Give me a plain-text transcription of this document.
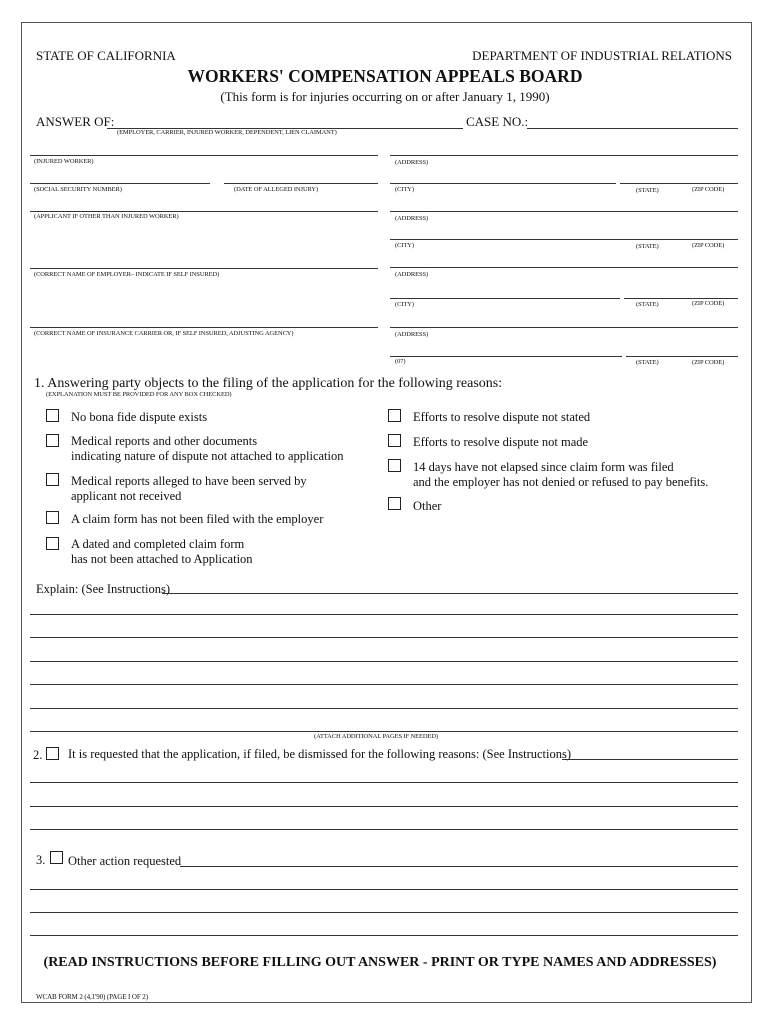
STATE OF CALIFORNIA	DEPARTMENT OF INDUSTRIAL RELATIONS
WORKERS' COMPENSATION APPEALS BOARD
(This form is for injuries occurring on or after January 1, 1990)
ANSWER OF:
(EMPLOYER, CARRIER, INJURED WORKER, DEPENDENT, LIEN CLAIMANT)
CASE NO.:
(INJURED WORKER)
(SOCIAL SECURITY NUMBER)	(DATE OF ALLEGED INJURY)
(APPLICANT IF OTHER THAN INJURED WORKER)
(CORRECT NAME OF EMPLOYER– INDICATE IF SELF INSURED)
(CORRECT NAME OF INSURANCE CARRIER OR, IF SELF INSURED, ADJUSTING AGENCY)
(ADDRESS)
(CITY)	(STATE)	(ZIP CODE)
(ADDRESS)
(CITY)	(STATE)	(ZIP CODE)
(ADDRESS)
(CITY)	(STATE)	(ZIP CODE)
(ADDRESS)
(07)	(STATE)	(ZIP CODE)
1. Answering party objects to the filing of the application for the following reasons:
(EXPLANATION MUST BE PROVIDED FOR ANY BOX CHECKED)
No bona fide dispute exists
Medical reports and other documents
indicating nature of dispute not attached to application
Medical reports alleged to have been served by
applicant not received
A claim form has not been filed with the employer
A dated and completed claim form
has not been attached to Application
Efforts to resolve dispute not stated
Efforts to resolve dispute not made
14 days have not elapsed since claim form was filed
and the employer has not denied or refused to pay benefits.
Other
Explain: (See Instructions)
(ATTACH ADDITIONAL PAGES IF NEEDED)
2. It is requested that the application, if filed, be dismissed for the following reasons: (See Instructions)
3. Other action requested
(READ INSTRUCTIONS BEFORE FILLING OUT ANSWER - PRINT OR TYPE NAMES AND ADDRESSES)
WCAB FORM 2 (4,1'90) (PAGE I OF 2)
